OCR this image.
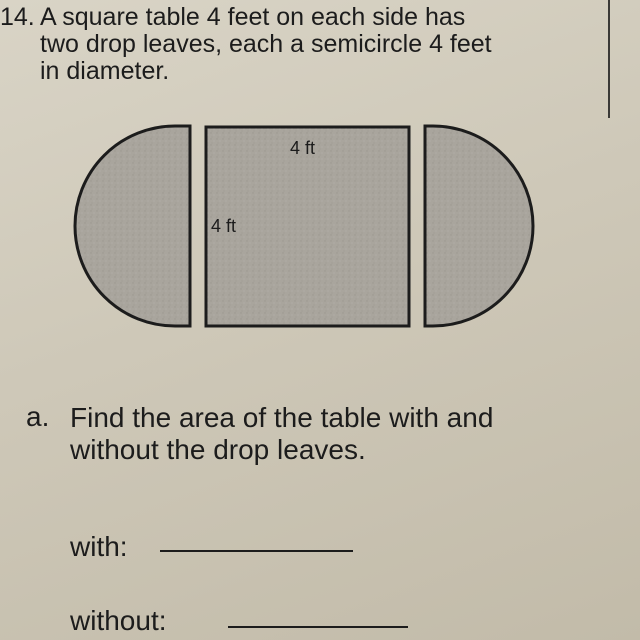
14. A square table 4 feet on each side has
two drop leaves, each a semicircle 4 feet
in diameter.
4 ft
4 ft
a. Find the area of the table with and
without the drop leaves.
with:
without:
